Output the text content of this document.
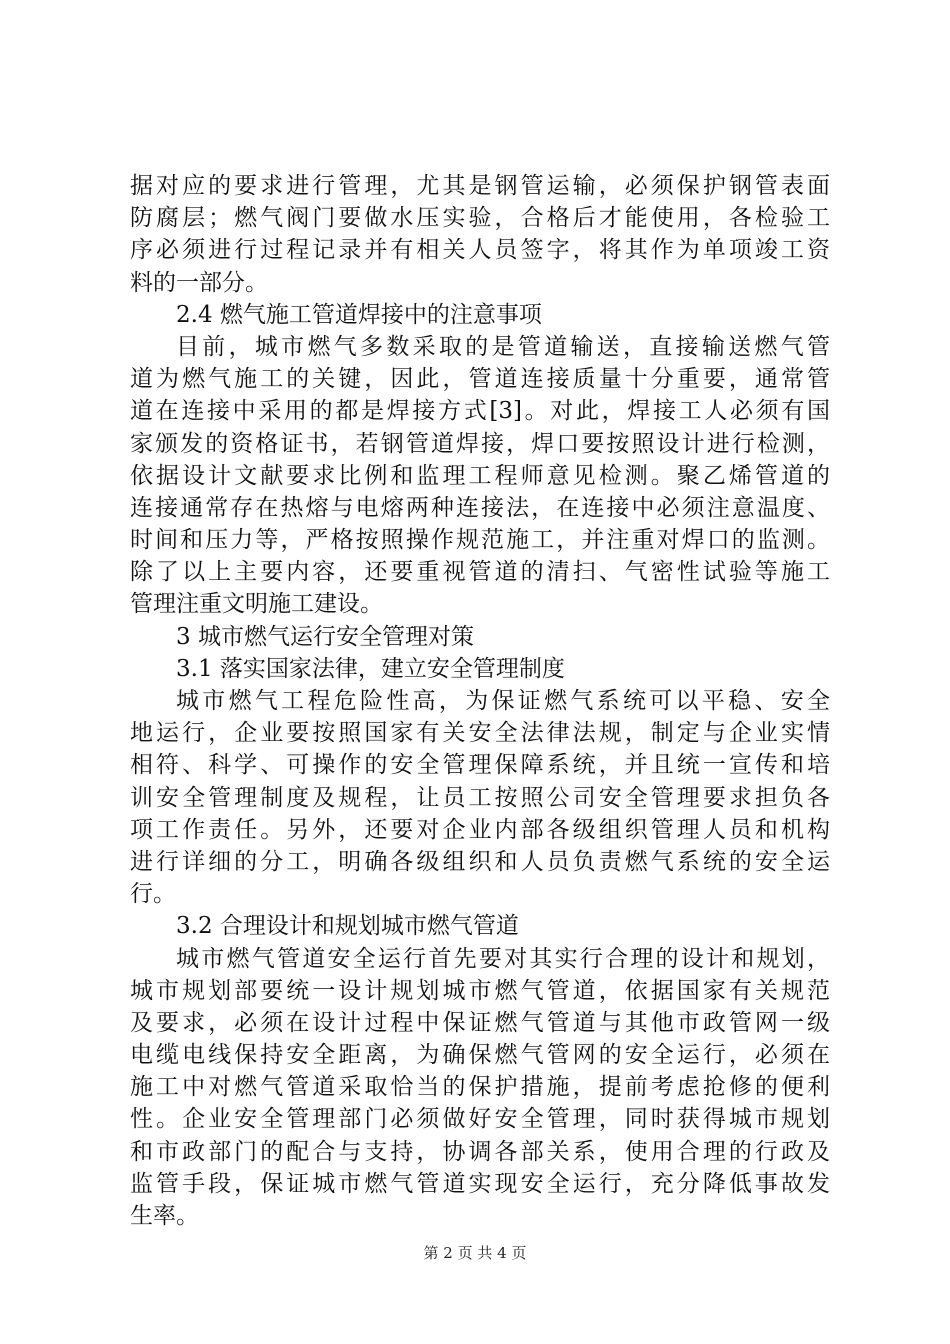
据对应的要求进行管理，尤其是钢管运输，必须保护钢管表面
防腐层；燃气阀门要做水压实验，合格后才能使用，各检验工
序必须进行过程记录并有相关人员签字，将其作为单项竣工资
料的一部分。
2.4 燃气施工管道焊接中的注意事项
目前，城市燃气多数采取的是管道输送，直接输送燃气管
道为燃气施工的关键，因此，管道连接质量十分重要，通常管
道在连接中采用的都是焊接方式[3]。对此，焊接工人必须有国
家颁发的资格证书，若钢管道焊接，焊口要按照设计进行检测，
依据设计文献要求比例和监理工程师意见检测。聚乙烯管道的
连接通常存在热熔与电熔两种连接法，在连接中必须注意温度、
时间和压力等，严格按照操作规范施工，并注重对焊口的监测。
除了以上主要内容，还要重视管道的清扫、气密性试验等施工
管理注重文明施工建设。
3 城市燃气运行安全管理对策
3.1 落实国家法律，建立安全管理制度
城市燃气工程危险性高，为保证燃气系统可以平稳、安全
地运行，企业要按照国家有关安全法律法规，制定与企业实情
相符、科学、可操作的安全管理保障系统，并且统一宣传和培
训安全管理制度及规程，让员工按照公司安全管理要求担负各
项工作责任。另外，还要对企业内部各级组织管理人员和机构
进行详细的分工，明确各级组织和人员负责燃气系统的安全运
行。
3.2 合理设计和规划城市燃气管道
城市燃气管道安全运行首先要对其实行合理的设计和规划，
城市规划部要统一设计规划城市燃气管道，依据国家有关规范
及要求，必须在设计过程中保证燃气管道与其他市政管网一级
电缆电线保持安全距离，为确保燃气管网的安全运行，必须在
施工中对燃气管道采取恰当的保护措施，提前考虑抢修的便利
性。企业安全管理部门必须做好安全管理，同时获得城市规划
和市政部门的配合与支持，协调各部关系，使用合理的行政及
监管手段，保证城市燃气管道实现安全运行，充分降低事故发
生率。
第 2 页 共 4 页
